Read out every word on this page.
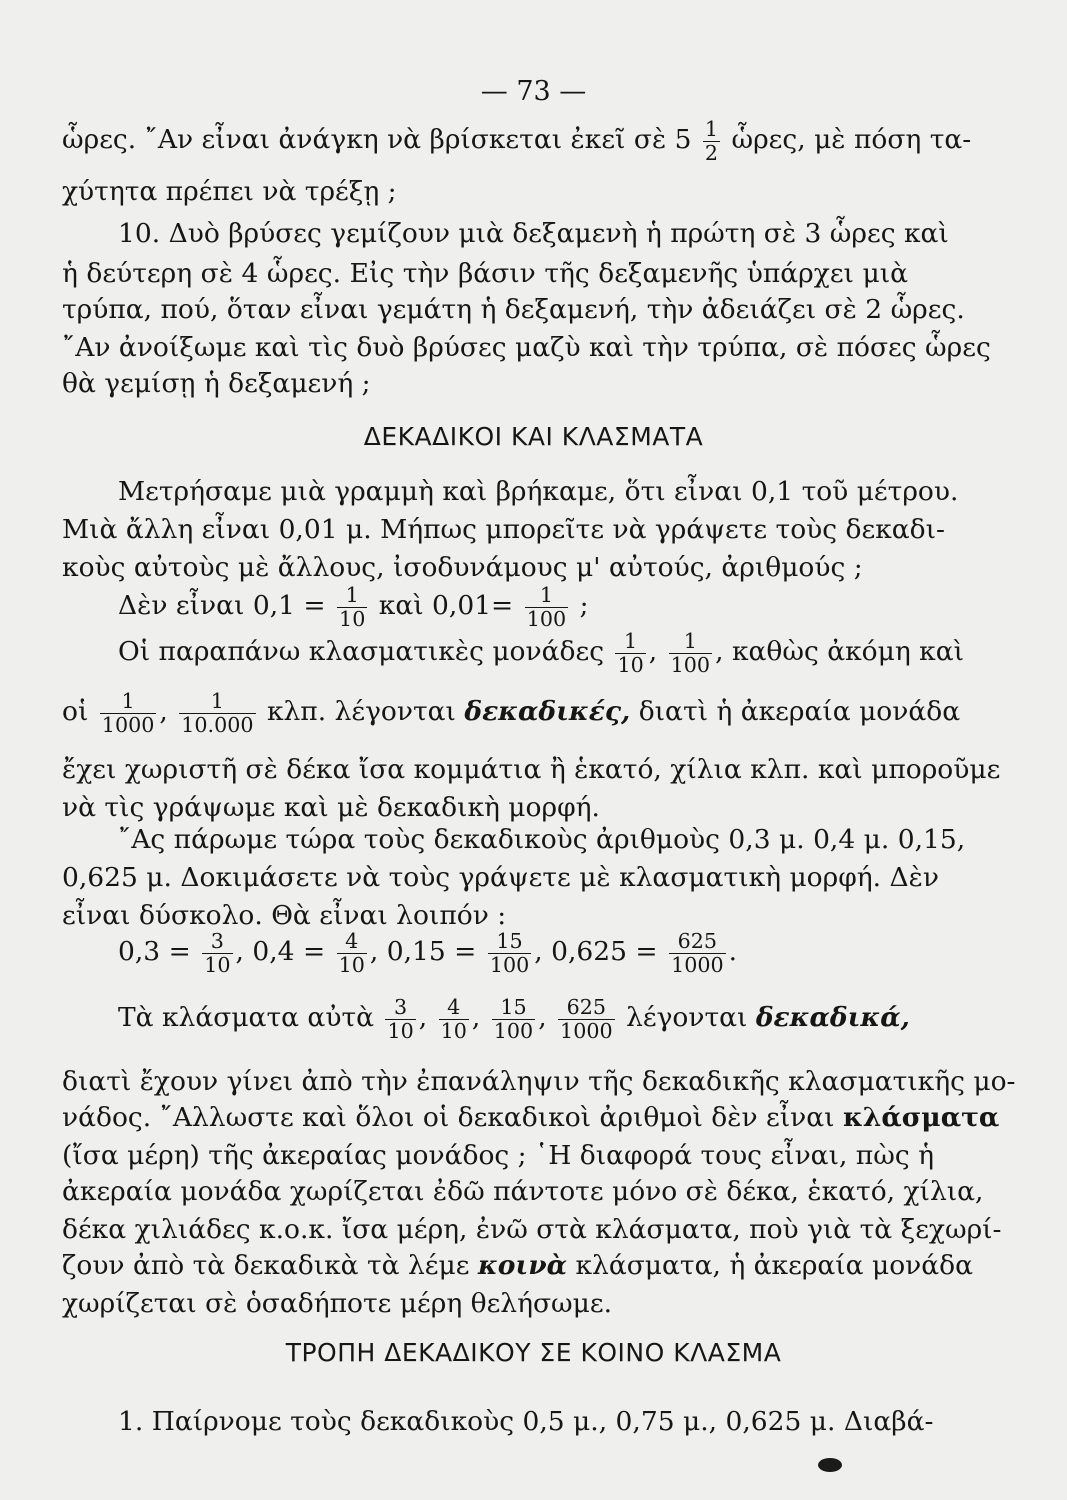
— 73 —
ὧρες. ῎Αν εἶναι ἀνάγκη νὰ βρίσκεται ἐκεῖ σὲ $5 \frac{1}{2}$ ὧρες, μὲ πόση τα-
χύτητα πρέπει νὰ τρέξῃ ;
10. Δυὸ βρύσες γεμίζουν μιὰ δεξαμενὴ ἡ πρώτη σὲ 3 ὧρες καὶ
ἡ δεύτερη σὲ 4 ὧρες. Εἰς τὴν βάσιν τῆς δεξαμενῆς ὑπάρχει μιὰ
τρύπα, πού, ὅταν εἶναι γεμάτη ἡ δεξαμενή, τὴν ἀδειάζει σὲ 2 ὧρες.
῎Αν ἀνοίξωμε καὶ τὶς δυὸ βρύσες μαζὺ καὶ τὴν τρύπα, σὲ πόσες ὧρες
θὰ γεμίσῃ ἡ δεξαμενή ;
ΔΕΚΑΔΙΚΟΙ ΚΑΙ ΚΛΑΣΜΑΤΑ
Μετρήσαμε μιὰ γραμμὴ καὶ βρήκαμε, ὅτι εἶναι 0,1 τοῦ μέτρου.
Μιὰ ἄλλη εἶναι 0,01 μ. Μήπως μπορεῖτε νὰ γράψετε τοὺς δεκαδι-
κοὺς αὐτοὺς μὲ ἄλλους, ἰσοδυνάμους μ' αὐτούς, ἀριθμούς ;
Δὲν εἶναι $0,1 = \frac{1}{10}$ καὶ $0,01= \frac{1}{100}$ ;
Οἱ παραπάνω κλασματικὲς μονάδες $\frac{1}{10}$ , $\frac{1}{100}$ , καθὼς ἀκόμη καὶ
οἱ $\frac{1}{1000}$ , $\frac{1}{10.000} \kappa\lambda\pi$. λέγονται δεκαδικές, διατὶ ἡ ἀκεραία μονάδα
ἔχει χωριστῆ σὲ δέκα ἴσα κομμάτια ἢ ἑκατό, χίλια κλπ. καὶ μποροῦμε
νὰ τὶς γράψωμε καὶ μὲ δεκαδικὴ μορφή.
῎Ας πάρωμε τώρα τοὺς δεκαδικοὺς ἀριθμοὺς 0,3 μ. 0,4 μ. 0,15,
0,625 μ. Δοκιμάσετε νὰ τοὺς γράψετε μὲ κλασματικὴ μορφή. Δὲν
εἶναι δύσκολο. Θὰ εἶναι λοιπόν :
$0,3 = \frac{3}{10}$ , $0,4 = \frac{4}{10}$ , $0,15 = \frac{15}{100}$ , $0,625 = \frac{625}{1000}$ .
Τὰ κλάσματα αὐτὰ $\frac{3}{10}$ , $\frac{4}{10}$ , $\frac{15}{100}$ , $\frac{625}{1000}$ λέγονται δεκαδικά,
διατὶ ἔχουν γίνει ἀπὸ τὴν ἐπανάληψιν τῆς δεκαδικῆς κλασματικῆς μο-
νάδος. ῎Αλλωστε καὶ ὅλοι οἱ δεκαδικοὶ ἀριθμοὶ δὲν εἶναι κλάσματα
(ἴσα μέρη) τῆς ἀκεραίας μονάδος ; ῾Η διαφορά τους εἶναι, πὼς ἡ
ἀκεραία μονάδα χωρίζεται ἐδῶ πάντοτε μόνο σὲ δέκα, ἑκατό, χίλια,
δέκα χιλιάδες κ.ο.κ. ἴσα μέρη, ἐνῶ στὰ κλάσματα, ποὺ γιὰ τὰ ξεχωρί-
ζουν ἀπὸ τὰ δεκαδικὰ τὰ λέμε κοινὰ κλάσματα, ἡ ἀκεραία μονάδα
χωρίζεται σὲ ὁσαδήποτε μέρη θελήσωμε.
ΤΡΟΠΗ ΔΕΚΑΔΙΚΟΥ ΣΕ ΚΟΙΝΟ ΚΛΑΣΜΑ
1. Παίρνομε τοὺς δεκαδικοὺς 0,5 μ., 0,75 μ., 0,625 μ. Διαβά-
